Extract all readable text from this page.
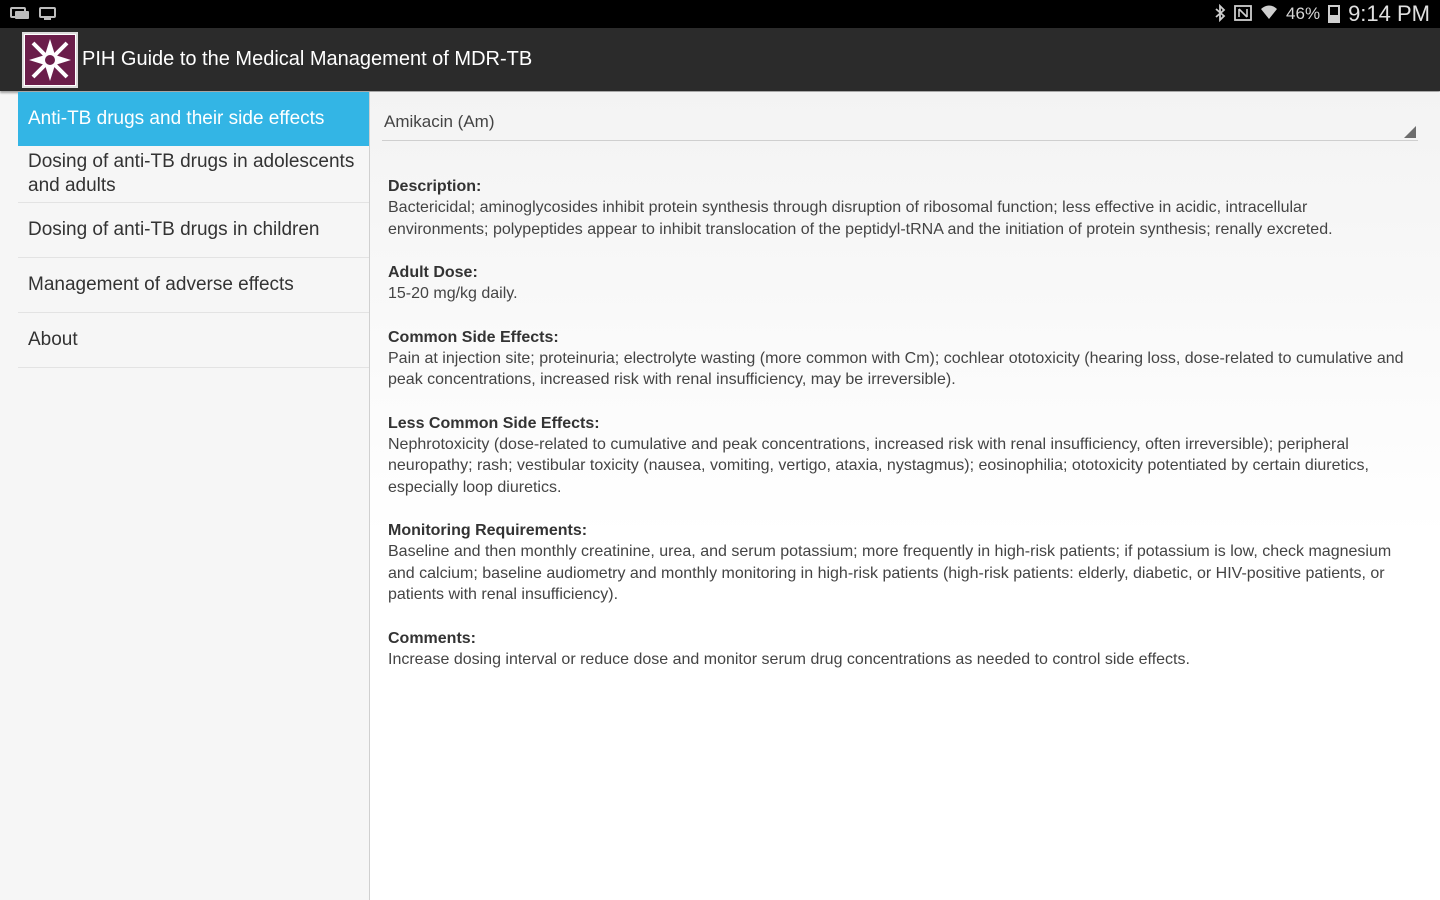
46% 9:14 PM
PIH Guide to the Medical Management of MDR-TB
Anti-TB drugs and their side effects
Dosing of anti-TB drugs in adolescents and adults
Dosing of anti-TB drugs in children
Management of adverse effects
About
Amikacin (Am)
Description:
Bactericidal; aminoglycosides inhibit protein synthesis through disruption of ribosomal function; less effective in acidic, intracellular environments; polypeptides appear to inhibit translocation of the peptidyl-tRNA and the initiation of protein synthesis; renally excreted.
Adult Dose:
15-20 mg/kg daily.
Common Side Effects:
Pain at injection site; proteinuria; electrolyte wasting (more common with Cm); cochlear ototoxicity (hearing loss, dose-related to cumulative and peak concentrations, increased risk with renal insufficiency, may be irreversible).
Less Common Side Effects:
Nephrotoxicity (dose-related to cumulative and peak concentrations, increased risk with renal insufficiency, often irreversible); peripheral neuropathy; rash; vestibular toxicity (nausea, vomiting, vertigo, ataxia, nystagmus); eosinophilia; ototoxicity potentiated by certain diuretics, especially loop diuretics.
Monitoring Requirements:
Baseline and then monthly creatinine, urea, and serum potassium; more frequently in high-risk patients; if potassium is low, check magnesium and calcium; baseline audiometry and monthly monitoring in high-risk patients (high-risk patients: elderly, diabetic, or HIV-positive patients, or patients with renal insufficiency).
Comments:
Increase dosing interval or reduce dose and monitor serum drug concentrations as needed to control side effects.
